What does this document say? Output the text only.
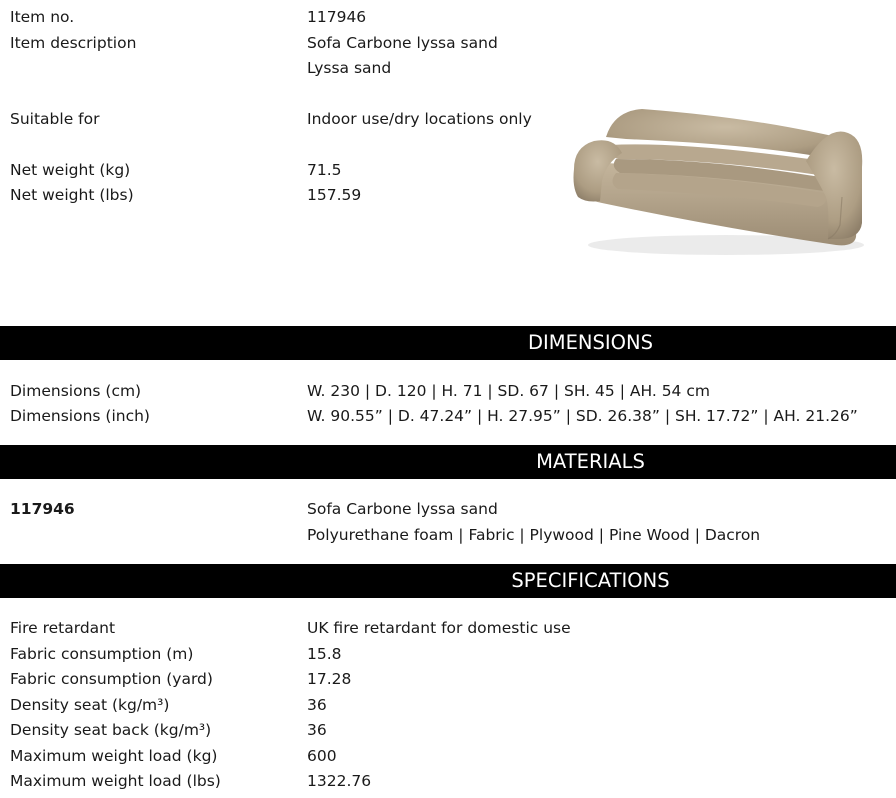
Item no.	117946
Item description	Sofa Carbone lyssa sand
Lyssa sand
Suitable for	Indoor use/dry locations only
Net weight (kg)	71.5
Net weight (lbs)	157.59
DIMENSIONS
Dimensions (cm)	W. 230 | D. 120 | H. 71 | SD. 67 | SH. 45 | AH. 54 cm
Dimensions (inch)	W. 90.55” | D. 47.24” | H. 27.95” | SD. 26.38” | SH. 17.72” | AH. 21.26”
MATERIALS
117946	Sofa Carbone lyssa sand
Polyurethane foam | Fabric | Plywood | Pine Wood | Dacron
SPECIFICATIONS
Fire retardant	UK fire retardant for domestic use
Fabric consumption (m)	15.8
Fabric consumption (yard)	17.28
Density seat (kg/m³)	36
Density seat back (kg/m³)	36
Maximum weight load (kg)	600
Maximum weight load (lbs)	1322.76
